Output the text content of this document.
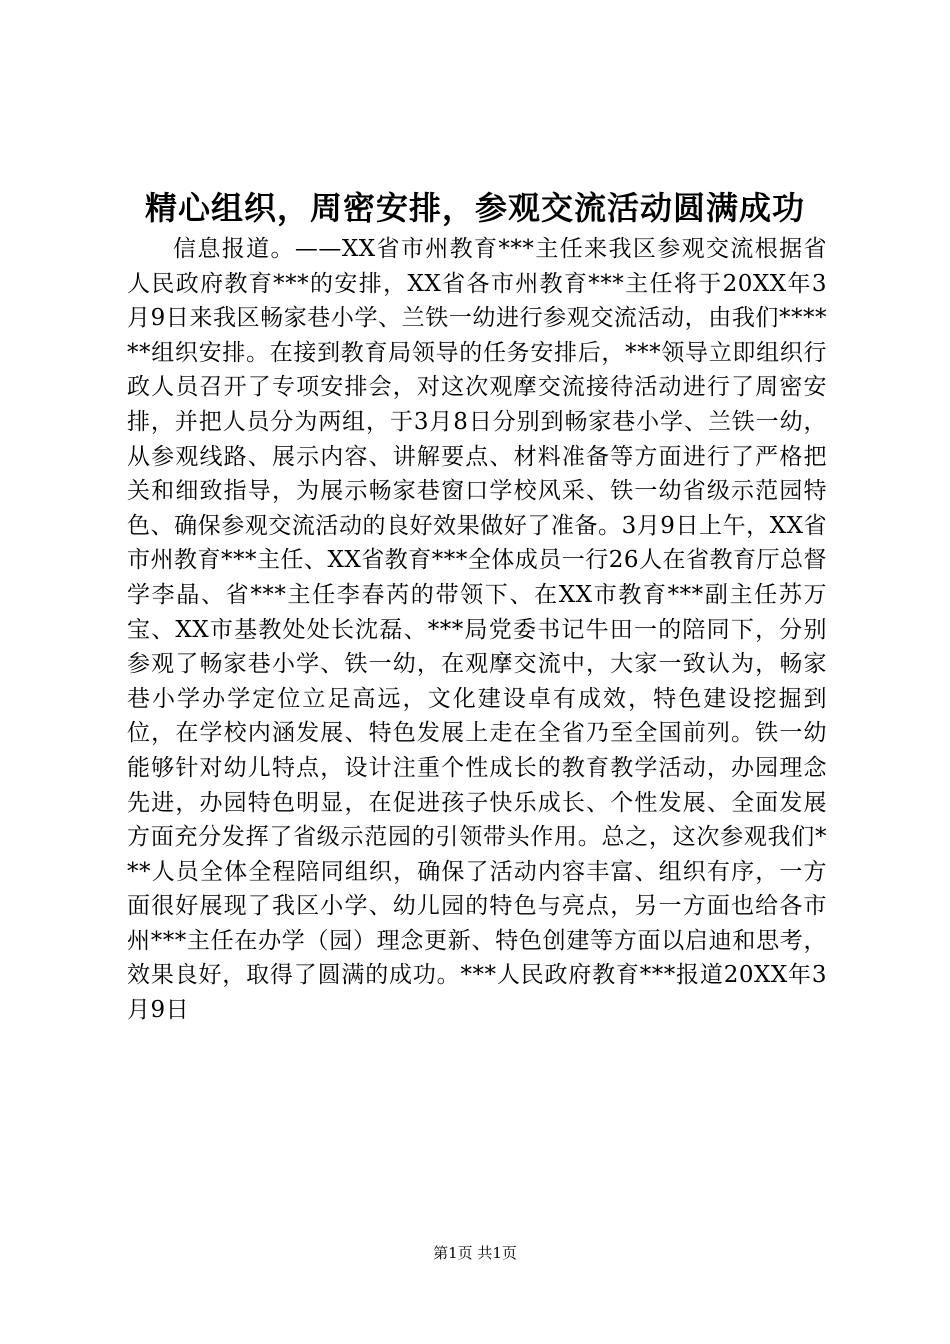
精心组织，周密安排，参观交流活动圆满成功

信息报道。——XX省市州教育***主任来我区参观交流根据省人民政府教育***的安排，XX省各市州教育***主任将于20XX年3月9日来我区畅家巷小学、兰铁一幼进行参观交流活动，由我们******组织安排。在接到教育局领导的任务安排后，***领导立即组织行政人员召开了专项安排会，对这次观摩交流接待活动进行了周密安排，并把人员分为两组，于3月8日分别到畅家巷小学、兰铁一幼，从参观线路、展示内容、讲解要点、材料准备等方面进行了严格把关和细致指导，为展示畅家巷窗口学校风采、铁一幼省级示范园特色、确保参观交流活动的良好效果做好了准备。3月9日上午，XX省市州教育***主任、XX省教育***全体成员一行26人在省教育厅总督学李晶、省***主任李春芮的带领下、在XX市教育***副主任苏万宝、XX市基教处处长沈磊、***局党委书记牛田一的陪同下，分别参观了畅家巷小学、铁一幼，在观摩交流中，大家一致认为，畅家巷小学办学定位立足高远，文化建设卓有成效，特色建设挖掘到位，在学校内涵发展、特色发展上走在全省乃至全国前列。铁一幼能够针对幼儿特点，设计注重个性成长的教育教学活动，办园理念先进，办园特色明显，在促进孩子快乐成长、个性发展、全面发展方面充分发挥了省级示范园的引领带头作用。总之，这次参观我们***人员全体全程陪同组织，确保了活动内容丰富、组织有序，一方面很好展现了我区小学、幼儿园的特色与亮点，另一方面也给各市州***主任在办学（园）理念更新、特色创建等方面以启迪和思考，效果良好，取得了圆满的成功。***人民政府教育***报道20XX年3月9日

第1页 共1页
